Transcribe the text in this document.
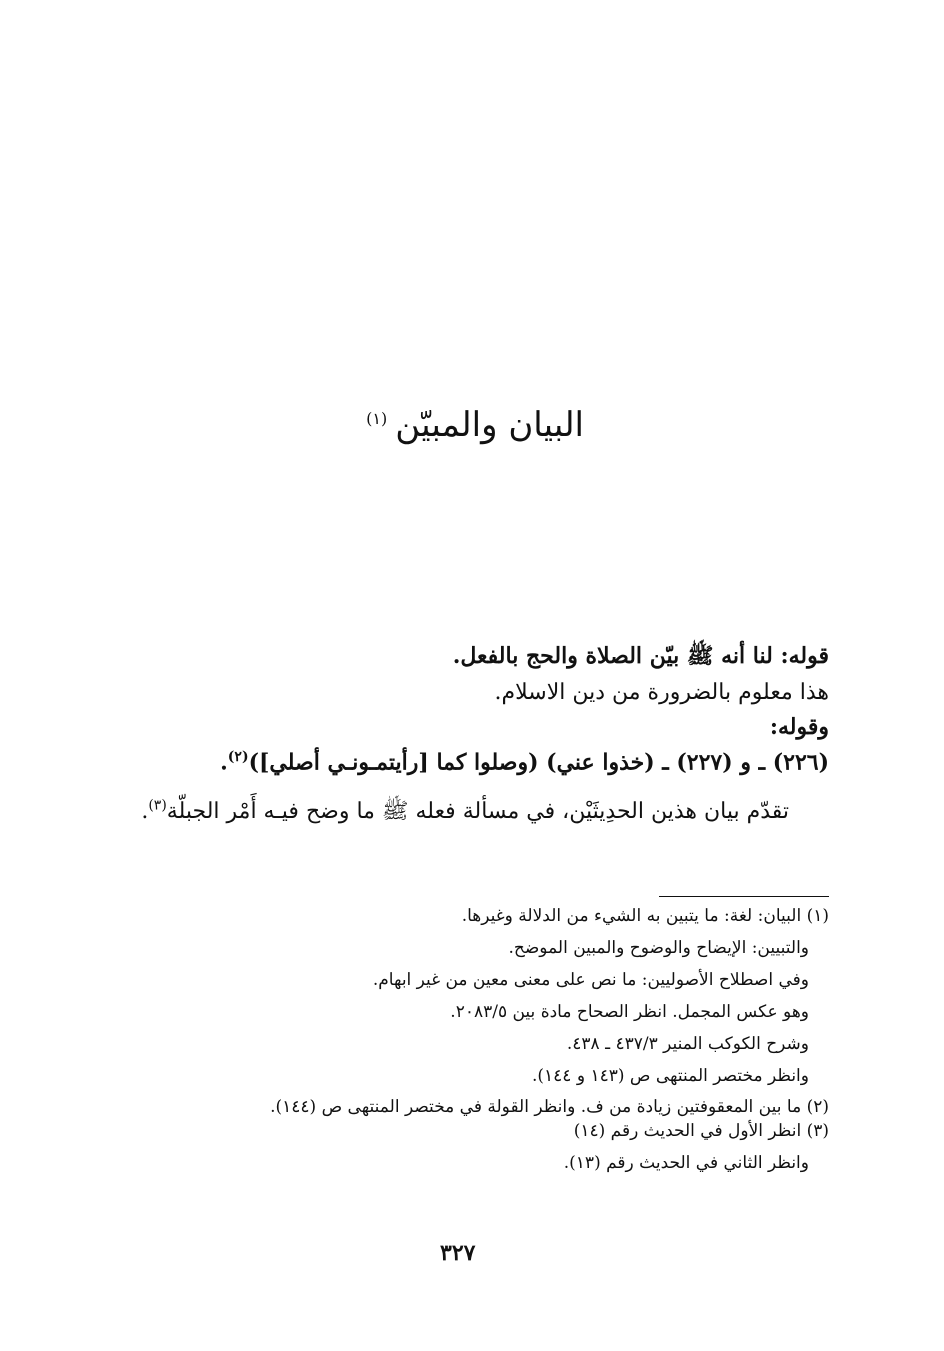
البيان والمبيّن$^{(١)}$
قوله: لنا أنه ﷺ بيّن الصلاة والحج بالفعل.
هذا معلوم بالضرورة من دين الاسلام.
وقوله:
(٢٢٦) ـ و (٢٢٧) ـ (خذوا عني) (وصلوا كما [رأيتمـونـي أصلي])$^{(٢)}$.
تقدّم بيان هذين الحدِيثَيْن، في مسألة فعله ﷺ ما وضح فيـه أَمْر الجبلّة$^{(٣)}$.
(١) البيان: لغة: ما يتبين به الشيء من الدلالة وغيرها.
والتبيين: الإيضاح والوضوح والمبين الموضح.
وفي اصطلاح الأصوليين: ما نص على معنى معين من غير ابهام.
وهو عكس المجمل. انظر الصحاح مادة بين ٢٠٨٣/٥.
وشرح الكوكب المنير ٤٣٧/٣ ـ ٤٣٨.
وانظر مختصر المنتهى ص (١٤٣ و ١٤٤).
(٢) ما بين المعقوفتين زيادة من ف. وانظر القولة في مختصر المنتهى ص (١٤٤).
(٣) انظر الأول في الحديث رقم (١٤)
وانظر الثاني في الحديث رقم (١٣).
٣٢٧
